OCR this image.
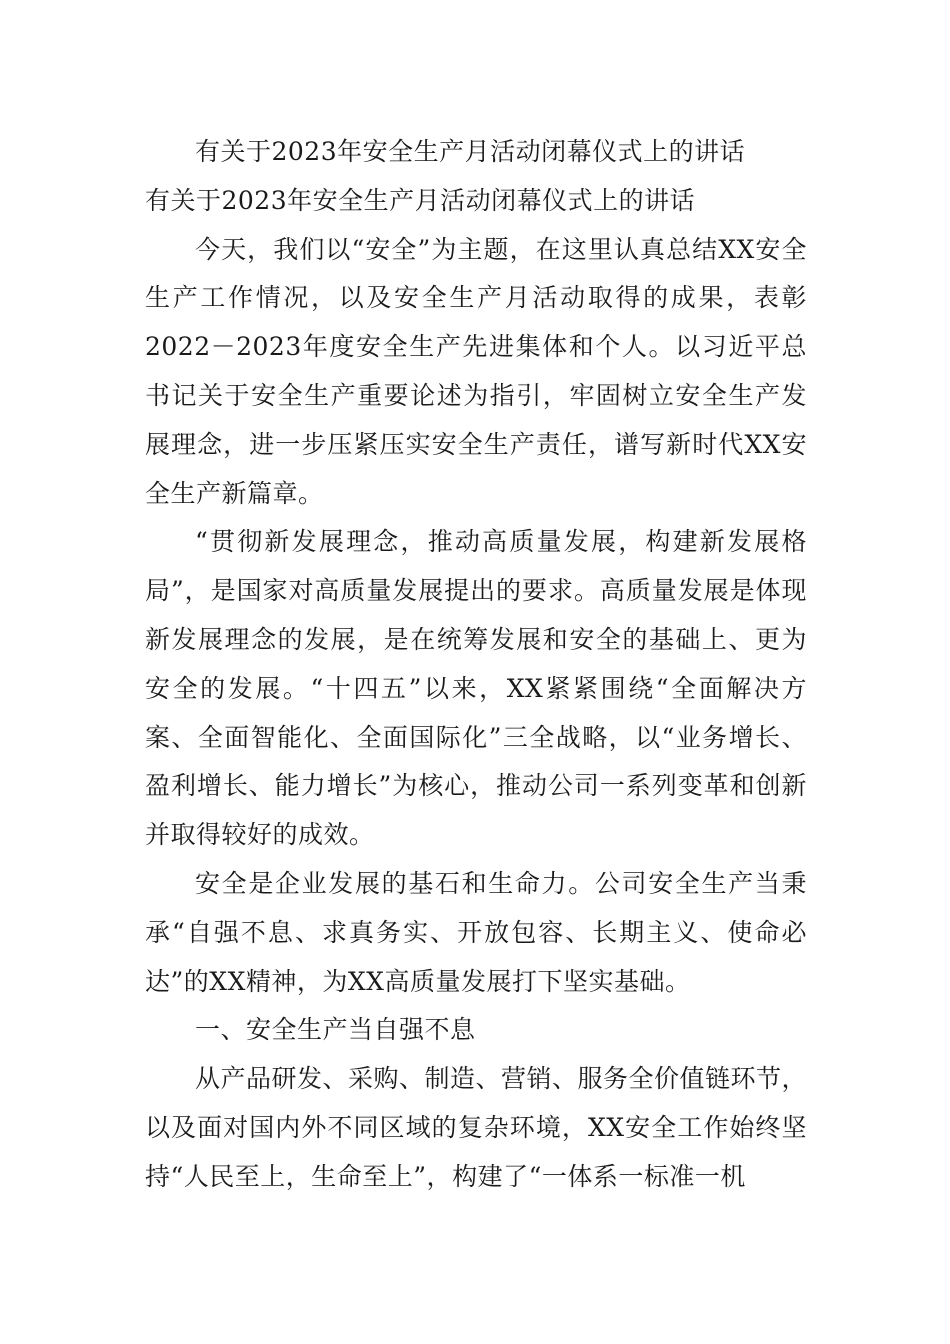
有关于2023年安全生产月活动闭幕仪式上的讲话

有关于2023年安全生产月活动闭幕仪式上的讲话

今天，我们以“安全”为主题，在这里认真总结XX安全生产工作情况，以及安全生产月活动取得的成果，表彰2022－2023年度安全生产先进集体和个人。以习近平总书记关于安全生产重要论述为指引，牢固树立安全生产发展理念，进一步压紧压实安全生产责任，谱写新时代XX安全生产新篇章。

“贯彻新发展理念，推动高质量发展，构建新发展格局”，是国家对高质量发展提出的要求。高质量发展是体现新发展理念的发展，是在统筹发展和安全的基础上、更为安全的发展。“十四五”以来，XX紧紧围绕“全面解决方案、全面智能化、全面国际化”三全战略，以“业务增长、盈利增长、能力增长”为核心，推动公司一系列变革和创新并取得较好的成效。

安全是企业发展的基石和生命力。公司安全生产当秉承“自强不息、求真务实、开放包容、长期主义、使命必达”的XX精神，为XX高质量发展打下坚实基础。

一、安全生产当自强不息

从产品研发、采购、制造、营销、服务全价值链环节，以及面对国内外不同区域的复杂环境，XX安全工作始终坚持“人民至上，生命至上”，构建了“一体系一标准一机
